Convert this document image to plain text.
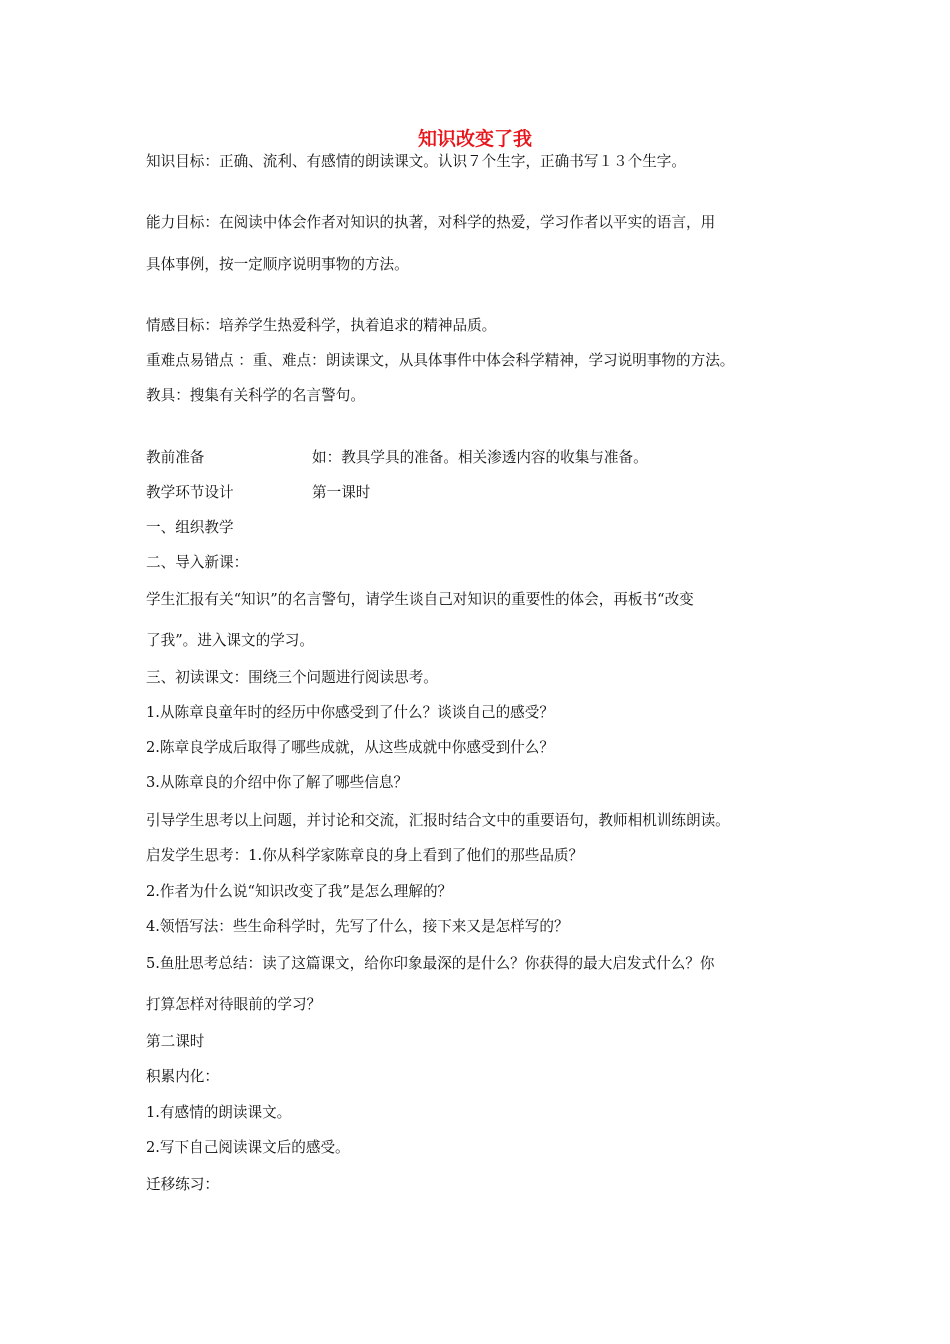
知识改变了我
知识目标：正确、流利、有感情的朗读课文。认识７个生字，正确书写１３个生字。
能力目标：在阅读中体会作者对知识的执著，对科学的热爱，学习作者以平实的语言，用
具体事例，按一定顺序说明事物的方法。
情感目标：培养学生热爱科学，执着追求的精神品质。
重难点易错点 ：重、难点：朗读课文，从具体事件中体会科学精神，学习说明事物的方法。
教具：搜集有关科学的名言警句。
教前准备	如：教具学具的准备。相关渗透内容的收集与准备。
教学环节设计	第一课时
一、组织教学
二、导入新课：
学生汇报有关“知识”的名言警句，请学生谈自己对知识的重要性的体会，再板书“改变
了我”。进入课文的学习。
三、初读课文：围绕三个问题进行阅读思考。
1.从陈章良童年时的经历中你感受到了什么？谈谈自己的感受？
2.陈章良学成后取得了哪些成就，从这些成就中你感受到什么？
3.从陈章良的介绍中你了解了哪些信息？
引导学生思考以上问题，并讨论和交流，汇报时结合文中的重要语句，教师相机训练朗读。
启发学生思考：1.你从科学家陈章良的身上看到了他们的那些品质？
2.作者为什么说“知识改变了我”是怎么理解的？
4.领悟写法：些生命科学时，先写了什么，接下来又是怎样写的？
5.鱼肚思考总结：读了这篇课文，给你印象最深的是什么？你获得的最大启发式什么？你
打算怎样对待眼前的学习？
第二课时
积累内化：
1.有感情的朗读课文。
2.写下自己阅读课文后的感受。
迁移练习：
